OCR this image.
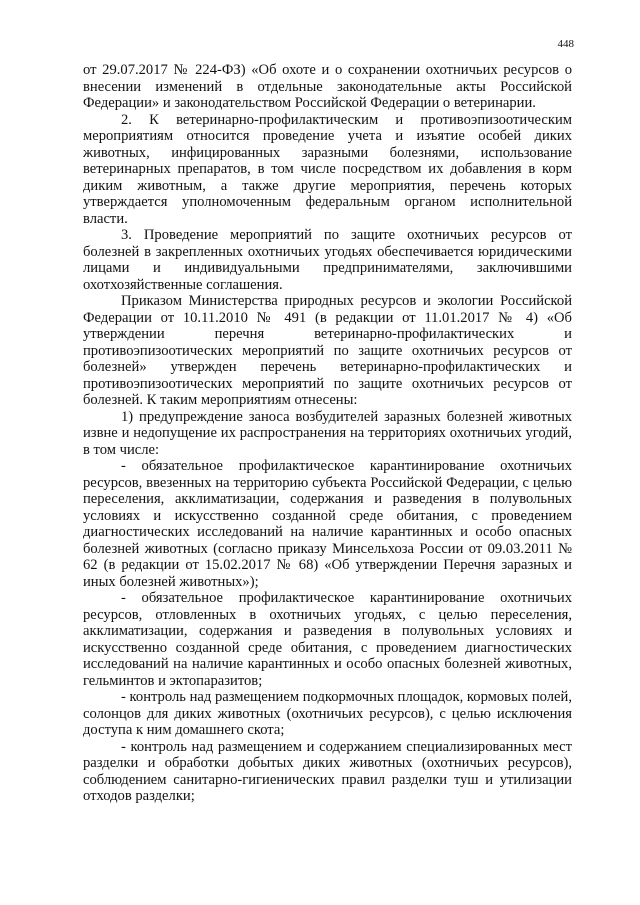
448

от 29.07.2017 № 224-ФЗ) «Об охоте и о сохранении охотничьих ресурсов о внесении изменений в отдельные законодательные акты Российской Федерации» и законодательством Российской Федерации о ветеринарии.

2. К ветеринарно-профилактическим и противоэпизоотическим мероприятиям относится проведение учета и изъятие особей диких животных, инфицированных заразными болезнями, использование ветеринарных препаратов, в том числе посредством их добавления в корм диким животным, а также другие мероприятия, перечень которых утверждается уполномоченным федеральным органом исполнительной власти.

3. Проведение мероприятий по защите охотничьих ресурсов от болезней в закрепленных охотничьих угодьях обеспечивается юридическими лицами и индивидуальными предпринимателями, заключившими охотхозяйственные соглашения.

Приказом Министерства природных ресурсов и экологии Российской Федерации от 10.11.2010 № 491 (в редакции от 11.01.2017 № 4) «Об утверждении перечня ветеринарно-профилактических и противоэпизоотических мероприятий по защите охотничьих ресурсов от болезней» утвержден перечень ветеринарно-профилактических и противоэпизоотических мероприятий по защите охотничьих ресурсов от болезней. К таким мероприятиям отнесены:

1) предупреждение заноса возбудителей заразных болезней животных извне и недопущение их распространения на территориях охотничьих угодий, в том числе:

- обязательное профилактическое карантинирование охотничьих ресурсов, ввезенных на территорию субъекта Российской Федерации, с целью переселения, акклиматизации, содержания и разведения в полувольных условиях и искусственно созданной среде обитания, с проведением диагностических исследований на наличие карантинных и особо опасных болезней животных (согласно приказу Минсельхоза России от 09.03.2011 № 62 (в редакции от 15.02.2017 № 68) «Об утверждении Перечня заразных и иных болезней животных»);

- обязательное профилактическое карантинирование охотничьих ресурсов, отловленных в охотничьих угодьях, с целью переселения, акклиматизации, содержания и разведения в полувольных условиях и искусственно созданной среде обитания, с проведением диагностических исследований на наличие карантинных и особо опасных болезней животных, гельминтов и эктопаразитов;

- контроль над размещением подкормочных площадок, кормовых полей, солонцов для диких животных (охотничьих ресурсов), с целью исключения доступа к ним домашнего скота;

- контроль над размещением и содержанием специализированных мест разделки и обработки добытых диких животных (охотничьих ресурсов), соблюдением санитарно-гигиенических правил разделки туш и утилизации отходов разделки;
